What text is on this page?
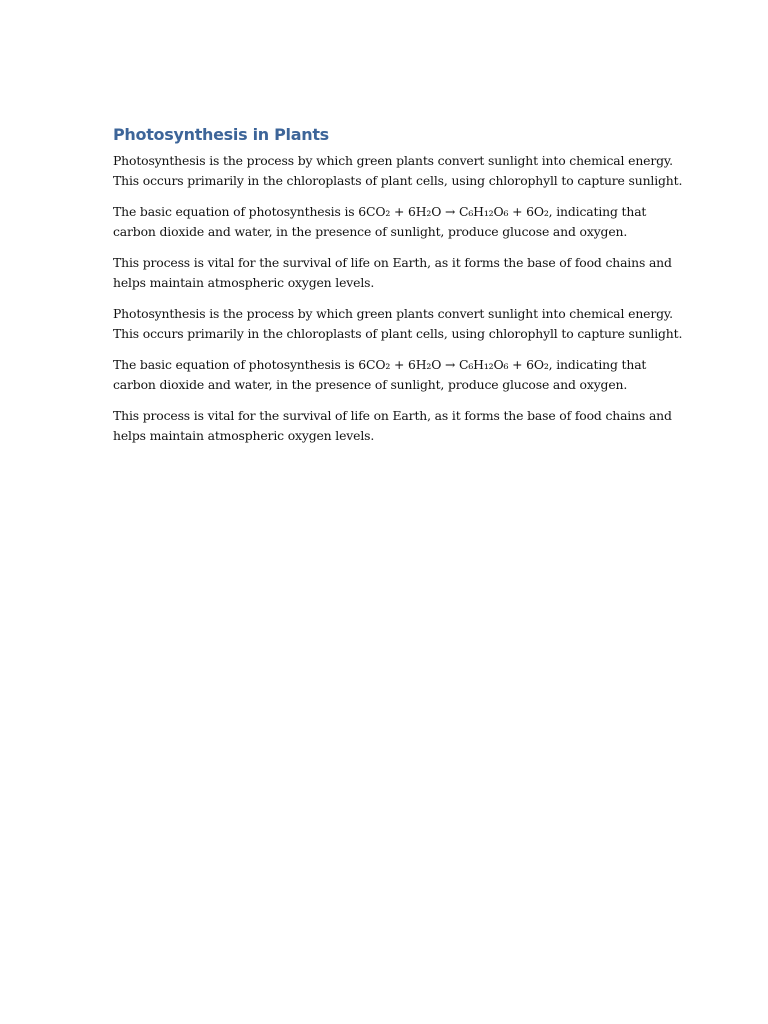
Photosynthesis in Plants

Photosynthesis is the process by which green plants convert sunlight into chemical energy.
This occurs primarily in the chloroplasts of plant cells, using chlorophyll to capture sunlight.

The basic equation of photosynthesis is 6CO₂ + 6H₂O → C₆H₁₂O₆ + 6O₂, indicating that
carbon dioxide and water, in the presence of sunlight, produce glucose and oxygen.

This process is vital for the survival of life on Earth, as it forms the base of food chains and
helps maintain atmospheric oxygen levels.

Photosynthesis is the process by which green plants convert sunlight into chemical energy.
This occurs primarily in the chloroplasts of plant cells, using chlorophyll to capture sunlight.

The basic equation of photosynthesis is 6CO₂ + 6H₂O → C₆H₁₂O₆ + 6O₂, indicating that
carbon dioxide and water, in the presence of sunlight, produce glucose and oxygen.

This process is vital for the survival of life on Earth, as it forms the base of food chains and
helps maintain atmospheric oxygen levels.
